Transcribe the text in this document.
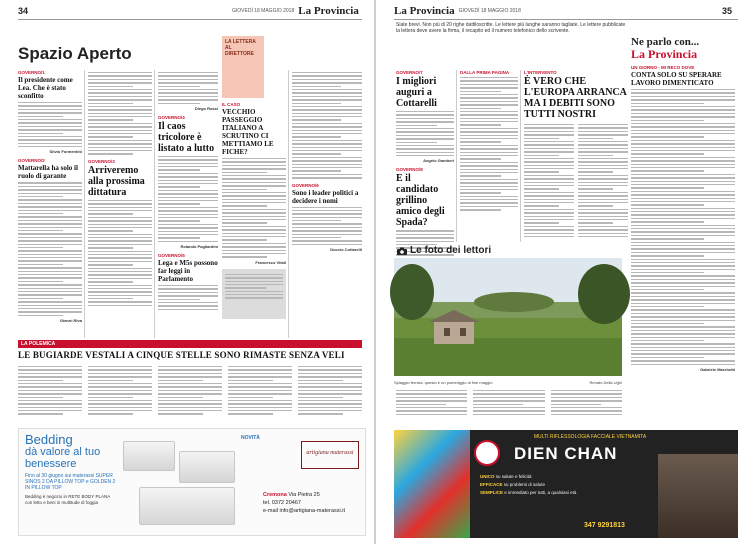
34	GIOVEDÌ 18 MAGGIO 2018 La Provincia
Spazio Aperto
GOVERNO/1
Il presidente come Lea. Che è stato sconfitto
Silvio Formentini
GOVERNO/2
Mattarella ha solo il ruolo di garante
Gianni Riva
GOVERNO/3
Arriveremo alla prossima dittatura
Diego Rossi
GOVERNO/4
Il caos tricolore è listato a lutto
Rolando Pagliardini
GOVERNO/5
Lega e M5s possono far leggi in Parlamento
LA LETTERA AL DIRETTORE
IL CASO
VECCHIO PASSEGGIO ITALIANO A SCRUTINO CI METTIAMO LE FICHE?
Francesco Vitali
GOVERNO/6
Sono i leader politici a decidere i nomi
Duccio Cottarelli
LA POLEMICA
LE BUGIARDE VESTALI A CINQUE STELLE SONO RIMASTE SENZA VELI
Bedding
dà valore al tuo benessere
Fino al 30 giugno sui materassi SUPER SINOS 2 DA PILLOW TOP e GOLDEN 2 IN PILLOW TOP
Bedding è negozio in RETE BODY PLANA con letto e beni in multitude di foggia
NOVITÀ
artigiana materassi
Cremona Via Pietra 25
tel. 0372 20467
e-mail info@artigiana-materassi.it
La Provincia GIOVEDÌ 18 MAGGIO 2018	35
Siate brevi. Non più di 20 righe dattiloscritte. Le lettere più lunghe saranno tagliate. Le lettere pubblicate la lettera deve avere la firma, il recapito ed il numero telefonico dello scrivente.
GOVERNO/7
I migliori auguri a Cottarelli
Angelo Gamberi
GOVERNO/8
E il candidato grillino amico degli Spada?
DALLA PRIMA PAGINA	L'INTERVENTO
È VERO CHE L'EUROPA ARRANCA MA I DEBITI SONO TUTTI NOSTRI
Le foto dei lettori
Spiaggio ferrara, questo è un pomeriggio di fine maggio	Renato Della Ughi
Ne parlo con...
La Provincia
UN GIORNO - MI RECO DOVE
CONTA SOLO SU SPERARE LAVORO DIMENTICATO
Gabriele Marchetti
MULTI RIFLESSOLOGIA FACCIALE VIETNAMITA
DIEN CHAN
UNICO su salute e felicità
EFFICACE su problemi di salute
SEMPLICE e immediato per tutti, a qualsiasi età
347 9291813
